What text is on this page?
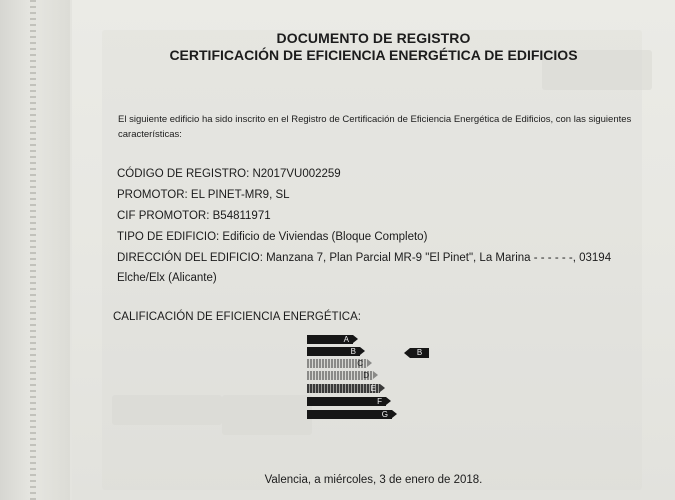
DOCUMENTO DE REGISTRO
CERTIFICACIÓN DE EFICIENCIA ENERGÉTICA DE EDIFICIOS
El siguiente edificio ha sido inscrito en el Registro de Certificación de Eficiencia Energética de Edificios, con las siguientes características:
CÓDIGO DE REGISTRO: N2017VU002259
PROMOTOR: EL PINET-MR9, SL
CIF PROMOTOR: B54811971
TIPO DE EDIFICIO: Edificio de Viviendas (Bloque Completo)
DIRECCIÓN DEL EDIFICIO: Manzana 7, Plan Parcial MR-9 "El Pinet", La Marina - - - - - -, 03194 Elche/Elx (Alicante)
CALIFICACIÓN DE EFICIENCIA ENERGÉTICA:
A
B
C
D
E
F
G
B
Valencia, a miércoles, 3 de enero de 2018.
